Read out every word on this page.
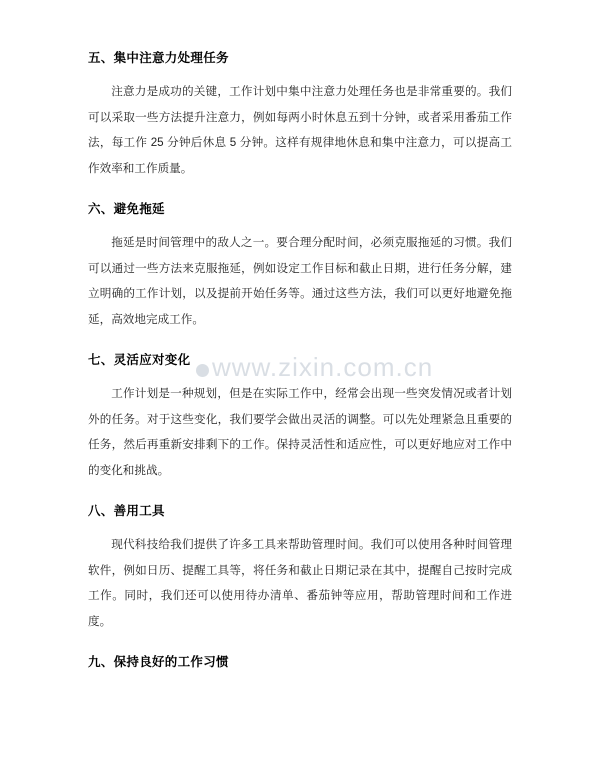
五、集中注意力处理任务

注意力是成功的关键，工作计划中集中注意力处理任务也是非常重要的。我们可以采取一些方法提升注意力，例如每两小时休息五到十分钟，或者采用番茄工作法，每工作 25 分钟后休息 5 分钟。这样有规律地休息和集中注意力，可以提高工作效率和工作质量。

六、避免拖延

拖延是时间管理中的敌人之一。要合理分配时间，必须克服拖延的习惯。我们可以通过一些方法来克服拖延，例如设定工作目标和截止日期，进行任务分解，建立明确的工作计划，以及提前开始任务等。通过这些方法，我们可以更好地避免拖延，高效地完成工作。

七、灵活应对变化

工作计划是一种规划，但是在实际工作中，经常会出现一些突发情况或者计划外的任务。对于这些变化，我们要学会做出灵活的调整。可以先处理紧急且重要的任务，然后再重新安排剩下的工作。保持灵活性和适应性，可以更好地应对工作中的变化和挑战。

八、善用工具

现代科技给我们提供了许多工具来帮助管理时间。我们可以使用各种时间管理软件，例如日历、提醒工具等，将任务和截止日期记录在其中，提醒自己按时完成工作。同时，我们还可以使用待办清单、番茄钟等应用，帮助管理时间和工作进度。

九、保持良好的工作习惯
www.zixin.com.cn
